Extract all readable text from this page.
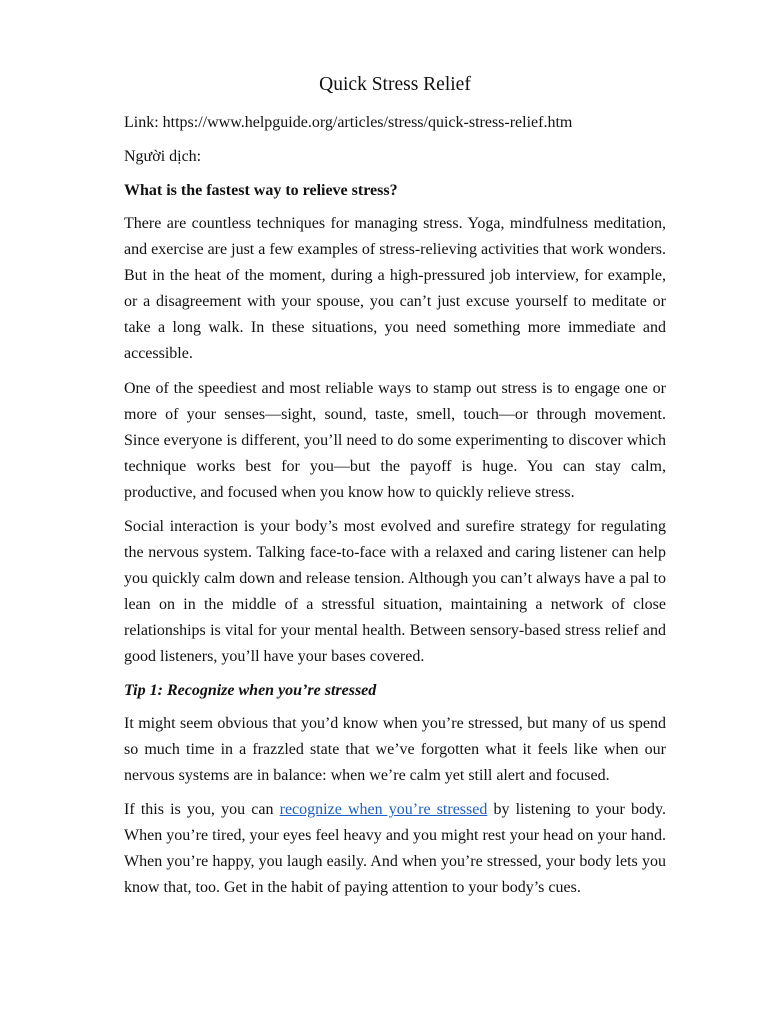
Quick Stress Relief

Link: https://www.helpguide.org/articles/stress/quick-stress-relief.htm

Người dịch:

What is the fastest way to relieve stress?

There are countless techniques for managing stress. Yoga, mindfulness meditation, and exercise are just a few examples of stress-relieving activities that work wonders. But in the heat of the moment, during a high-pressured job interview, for example, or a disagreement with your spouse, you can’t just excuse yourself to meditate or take a long walk. In these situations, you need something more immediate and accessible.

One of the speediest and most reliable ways to stamp out stress is to engage one or more of your senses—sight, sound, taste, smell, touch—or through movement. Since everyone is different, you’ll need to do some experimenting to discover which technique works best for you—but the payoff is huge. You can stay calm, productive, and focused when you know how to quickly relieve stress.

Social interaction is your body’s most evolved and surefire strategy for regulating the nervous system. Talking face-to-face with a relaxed and caring listener can help you quickly calm down and release tension. Although you can’t always have a pal to lean on in the middle of a stressful situation, maintaining a network of close relationships is vital for your mental health. Between sensory-based stress relief and good listeners, you’ll have your bases covered.

Tip 1: Recognize when you’re stressed

It might seem obvious that you’d know when you’re stressed, but many of us spend so much time in a frazzled state that we’ve forgotten what it feels like when our nervous systems are in balance: when we’re calm yet still alert and focused.

If this is you, you can recognize when you’re stressed by listening to your body. When you’re tired, your eyes feel heavy and you might rest your head on your hand. When you’re happy, you laugh easily. And when you’re stressed, your body lets you know that, too. Get in the habit of paying attention to your body’s cues.
